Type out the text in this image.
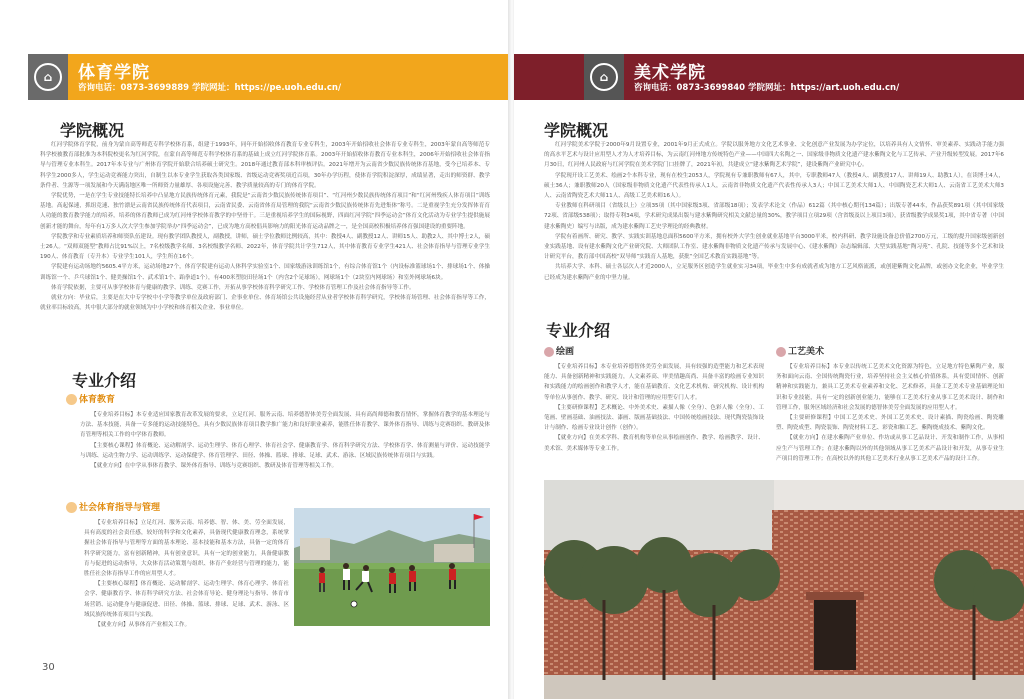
⌂	体育学院
咨询电话：0873-3699889 学院网址：https://pe.uoh.edu.cn/
学院概况

红河学院体育学院，前身为蒙自高等师范专科学校体育系，组建于1993年，同年开始招收体育教育专业专科生，2003年开始招收社会体育专业专科生，2003年蒙自高等师范专科学校被教育部批准为本科院校更名为红河学院，在蒙自高等师范专科学校体育系的基础上成立红河学院体育系。2003年开始招收体育教育专业本科生，2006年开始招收社会体育指导与管理专业本科生。2017年本专业与广州体育学院开始联合培养硕士研究生。2018年通过教育部本科审核评估。2021年增开为云南省少数民族传统体育基地，受今已培养本、专科学生2000多人，学生运动竞赛能力突出，自制生以本专业学生获取各类国家级、省级运动竞赛奖项近百项，30年办学历程，使体育学院积淀深厚，成绩显著，走出的师资群、教学条件者、生源等一项发展和今天满南地区唯一所师资力量雄厚、各项设施完善、教学质量较高的专门的体育学院。

学院优势，一是在学生专业技能特长培养中凸显地方民族传统体育元素，我院是“云南省少数民族传统体育项目”、“红河州少数民族传统体育项目”和“红河州残疾人体育项目”训练基地。高起保速，抓组竞速、独竹漂是云南省民族传统体育代表项目，云南省民委、云南省体育局管理的我院“云南省少数民族传统体育先进集体”称号。二是重视学生充分发挥体育育人功能的教育教学能力的培养，培养的体育教师已成为红河州学校体育教学的中坚骨干。三是重视培养学生的国际视野，四面红河学院“四季运动会”体育文化活动为专业学生提供施展创新才能的舞台，每年有1万多人次大学生参加学院举办“四季运动会”，已成为地方高校倡具影响力的阳光体育运动品牌之一，是全国高校积极培养体育强国建设的重要阵地。

学院教学和专业素质培养和师资队伍建设。现有教学团队教授人，副教授，讲师，硕士学位教师比例较高，其中：教授4人、副教授12人、讲师15人、助教2人、其中博士2人，硕士26人。“双师双能型”教师占比91%以上，7名校级教学名师、3名校级教学名师、2022年，体育学院共计学生712人，其中体育教育专业学生421人、社会体育指导与管理专业学生190人、体育教育（专升本）专业学生101人，学生所在16个。

学院建有运动场地约5605.4平方米，运动场地27个，体育学院建有运动人体科学实验室1个、国家级游泳训练馆1个，有综合体育馆1个（内设标准篮球场1个、排球场1个、体操训练馆一个、乒乓球馆1个、健美操馆1个、武术馆1个、跆拳道1个），有400米塑胶田径场1个（内含2个足球场），网球场1个（2块室内网球场）和室外网球场6块。

体育学院依据，主要可从事学校体育与健康的教学、训练、竞赛工作，开拓从事学校体育科学研究工作、学校体育管理工作及社会体育指导等工作。

就业方向：毕业后，主要是在大中专学校中小学等教学单位及政府部门、企事业单位、体育场馆公共设施经营从业者学校体育科学研究，学校体育场管理、社会体育指导等工作，就业率目标较高，其中很大部分的就业领域为中小学校和体育相关企业、事业单位。

专业介绍
体育教育

【专业培养目标】本专业适应国家教育改革发展的要求，立足红河、服务云南、培养德智体美劳全面发展、具有高尚师德和教育情怀，掌握体育教学的基本理论与方法、基本技能，具备一专多能的运动技能特色，具有少数民族体育项目教学推广能力和良好职业素养，能胜任体育教学、课外体育指导、训练与竞赛组织、教研及体育管理等相关工作的中学体育教师。

【主要核心课程】体育概论、运动解剖学、运动生理学、体育心理学、体育社会学、健康教育学、体育科学研究方法、学校体育学、体育测量与评价、运动技能学与训练、运动生物力学、运动训练学、运动保健学、体育管理学、田径、体操、篮球、排球、足球、武术、游泳、区域民族传统体育项目与实践。

【就业方向】在中学从事体育教学、课外体育指导、训练与竞赛组织、教研及体育管理等相关工作。

社会体育指导与管理

【专业培养目标】立足红河、服务云南、培养德、智、体、美、劳全面发展，具有高度的社会责任感，较好的科学和文化素养，具备现代健康教育理念，系统掌握社会体育指导与管理等方面的基本理论、基本技能和基本方法，具备一定的体育科学研究能力，富有创新精神，具有创业意识，具有一定的创业能力，具备健康教育与促进的运动指导，大众体育活动策划与组织、体育产业经营与管理的能力，能胜任社会体育指导工作的应用型人才。

【主要核心课程】体育概论、运动解剖学、运动生理学、体育心理学、体育社会学、健康教育学、体育科学研究方法、社会体育导论、健身理论与指导、体育市场营销、运动健身与健康促进、田径、体操、篮球、排球、足球、武术、游泳、区域民族传统体育项目与实践。

【就业方向】从事体育产业相关工作。

30
⌂	美术学院
咨询电话：0873-3699840 学院网址：https://art.uoh.edu.cn/
学院概况

红河学院美术学院于2000年9月设置专业，2001年9月正式成立。学院以服务地方文化艺术事业、文化创意产业发展为办学定位，以培养具有人文情怀、审美素养、实践动手能力强的高水平艺术与设计应用型人才为人才培养目标，为云南红河州地方传统特色产业——中国四大名陶之一、国家级非物质文化遗产建水紫陶文化与工艺传承、产业升级转型发展。2017年6月30日，红河州人民政府与红河学院在美术学院门口挂牌了，2021年初，共建成立“建水紫陶艺术学院”，建设紫陶产业研究中心。

学院现开设工艺美术、绘画2个本科专业，现有在校生2053人，学院现有专兼职教师有67人，其中，专职教师47人（教授4人、副教授17人、讲师19人、助教1人），在读博士4人，硕士36人；兼职教师20人（国家级非物质文化遗产代表性传承人1人，云南省非物质文化遗产代表性传承人3人；中国工艺美术大师1人、中国陶瓷艺术大师1人、云南省工艺美术大师3人、云南省陶瓷艺术大师11人、高级工艺美术师16人）。

专业教师在科研项目（省级以上）立项35项（其中国家级3项、省部级18项）；发表学术论文（作品）612篇（其中核心期刊134篇）；出版专著44本，作品获奖891项（其中国家级72项、省部级538项）；取得专利34项，学术研究成果出版与建水紫陶研究相关文献总量的30%，教学项目立项29项（含省级及以上项目3项），获省级教学成果奖1项，其中省专著（中国建水紫陶史）编写与出版，成为建水紫陶工艺史学理论的经典教材。

学院有着画所、研究、教学、实践实训基地总面积5600平方米，拥有校外大学生创业就业基地平台3000平米，校内科研、教学设施设备总价值2700万元，工级的提升国家级创新创业实践基地、设有建水紫陶文化产业研究院、大师团队工作室、建水紫陶非物质文化遗产传承与发展中心、《建水紫陶》杂志编辑部、大型实践基地“陶习苑”、孔院、技能等多个艺术和设计研究平台，教育部中国高校“双导师”实践育人基地，获批“全国艺术教育实践基地”等。

共培养大学、本科、硕士各层次人才近2000人，立足服务区创造学生就业实习34项，毕业生中多有成就者成为地方工艺风格流派，或创建紫陶文化品牌，或创办文化企业，毕业学生已经成为建水紫陶产业的中坚力量。

专业介绍
绘画

【专业培养目标】本专业培养德智体美劳全面发展，具有较强的造型能力和艺术表现能力、具备创新精神和实践能力，人文素养高、审美情趣高尚、具备丰富的绘画专业知识和实践能力的绘画创作和教学人才，能在基础教育、文化艺术机构、研究机构、设计机构等单位从事创作、教学、研究、设计和管理的应用型专门人才。

【主要研修课程】艺术概论、中外美术史、素描人像（全身）、色彩人像（全身）、工笔画、壁画基础、油画技法、漆画、版画基础技法、中国传统绘画技法、现代陶瓷装饰设计与制作、绘画专业设计创作（创作）。

【就业方向】在美术学科、教育机构等单位从事绘画创作、教学、绘画教学、设计、美术馆、美术媒体等专业工作。

工艺美术

【专业培养目标】本专业以传统工艺美术文化资源为特色，立足地方特色紫陶产业，服务和面向云南、全国传统陶瓷行业，培养坚持社会主义核心价值体系，具有爱国情怀、创新精神和实践能力，兼具工艺美术专业素养和文化、艺术修养，具备工艺美术专业基础理论知识和专业技能，具有一定的创新创业能力，能够在工艺美术行业从事工艺美术设计、制作和管理工作，服务区域经济和社会发展的德智体美劳全面发展的应用型人才。

【主要研修课程】中国工艺美术史、外国工艺美术史、设计素描、陶瓷绘画、陶瓷雕塑、陶瓷成型、陶瓷装饰、陶瓷材料工艺、彩瓷和釉工艺、紫陶烧成技术、紫陶文化。

【就业方向】在建水紫陶产业单位、作坊或从事工艺品设计、开发和制作工作，从事相应生产与管理工作；在建水紫陶以外的其他领域从事工艺美术产品设计和开发，从事专业生产项目的管理工作；在高校以外的其他工艺美术行业从事工艺美术产品的设计工作。
